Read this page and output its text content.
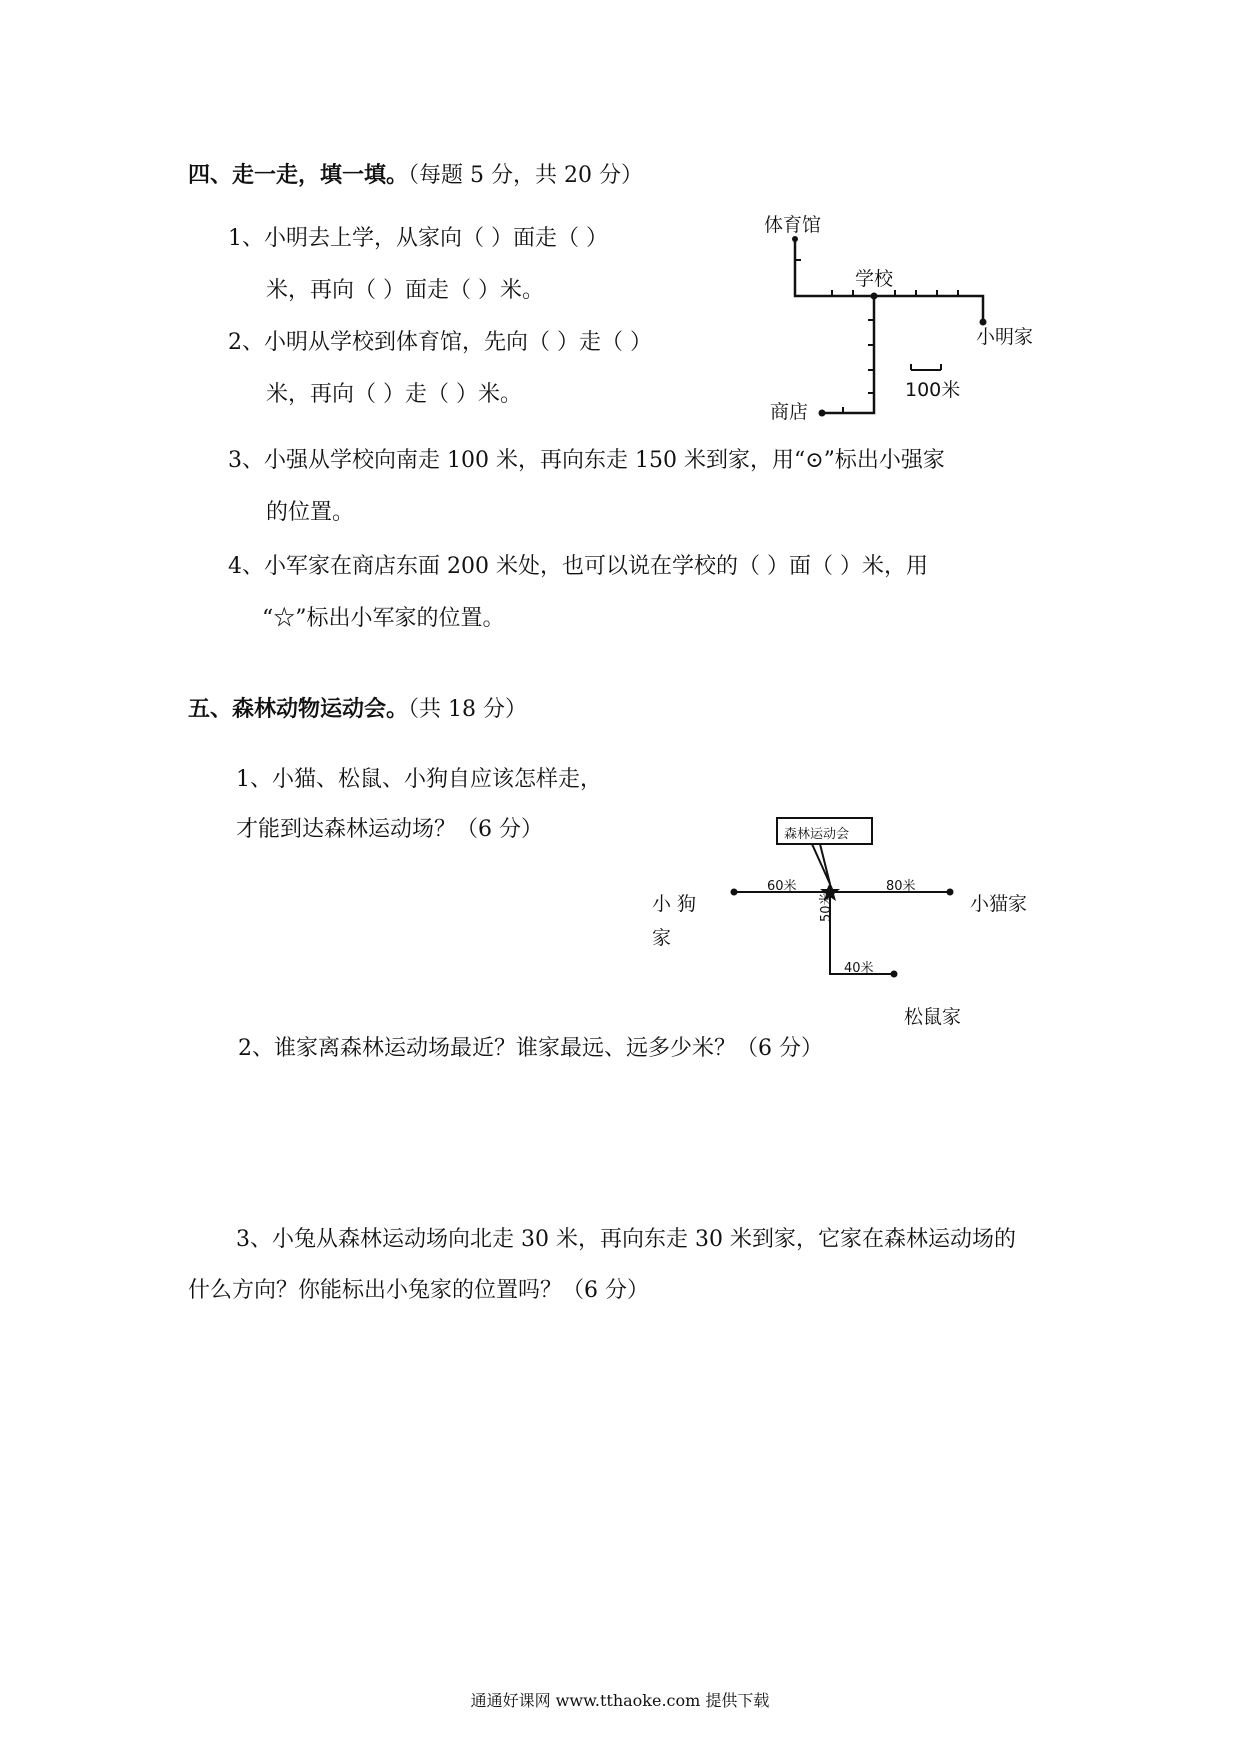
四、走一走，填一填。（每题 5 分，共 20 分）
1、小明去上学，从家向（ ）面走（ ）
米，再向（ ）面走（ ）米。
2、小明从学校到体育馆，先向（ ）走（ ）
米，再向（ ）走（ ）米。
3、小强从学校向南走 100 米，再向东走 150 米到家，用“⊙”标出小强家
的位置。
4、小军家在商店东面 200 米处，也可以说在学校的（ ）面（ ）米，用
“☆”标出小军家的位置。
体育馆
学校
小明家
商店
100米
五、森林动物运动会。（共 18 分）
1、小猫、松鼠、小狗自应该怎样走，
才能到达森林运动场？（6 分）
2、谁家离森林运动场最近？谁家最远、远多少米？（6 分）
3、小兔从森林运动场向北走 30 米，再向东走 30 米到家，它家在森林运动场的
什么方向？你能标出小兔家的位置吗？（6 分）
森林运动会
60米	80米
50米
40米
小 狗
家
小猫家
松鼠家
通通好课网 www.tthaoke.com 提供下载
